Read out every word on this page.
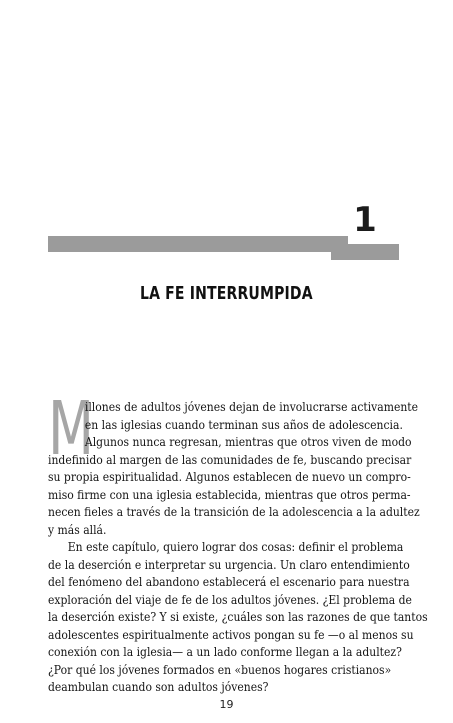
1
LA FE INTERRUMPIDA
M
illones de adultos jóvenes dejan de involucrarse activamente
en las iglesias cuando terminan sus años de adolescencia.
Algunos nunca regresan, mientras que otros viven de modo
indefinido al margen de las comunidades de fe, buscando precisar
su propia espiritualidad. Algunos establecen de nuevo un compro-
miso firme con una iglesia establecida, mientras que otros perma-
necen fieles a través de la transición de la adolescencia a la adultez
y más allá.
En este capítulo, quiero lograr dos cosas: definir el problema
de la deserción e interpretar su urgencia. Un claro entendimiento
del fenómeno del abandono establecerá el escenario para nuestra
exploración del viaje de fe de los adultos jóvenes. ¿El problema de
la deserción existe? Y si existe, ¿cuáles son las razones de que tantos
adolescentes espiritualmente activos pongan su fe —o al menos su
conexión con la iglesia— a un lado conforme llegan a la adultez?
¿Por qué los jóvenes formados en «buenos hogares cristianos»
deambulan cuando son adultos jóvenes?
19
